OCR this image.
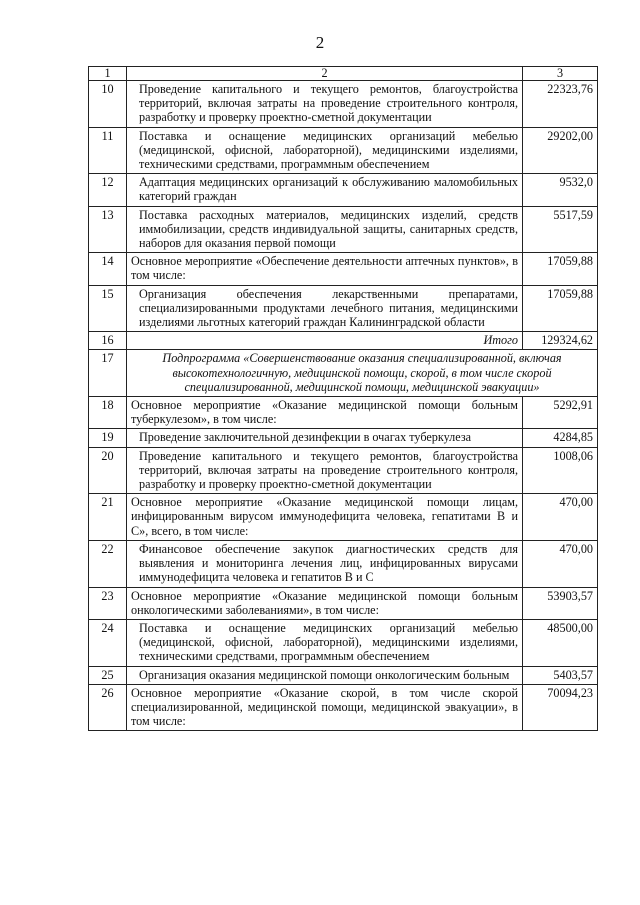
2
1	2	3
10	Проведение капитального и текущего ремонтов, благоустройства территорий, включая затраты на проведение строительного контроля, разработку и проверку проектно-сметной документации	22323,76
11	Поставка и оснащение медицинских организаций мебелью (медицинской, офисной, лабораторной), медицинскими изделиями, техническими средствами, программным обеспечением	29202,00
12	Адаптация медицинских организаций к обслуживанию маломобильных категорий граждан	9532,0
13	Поставка расходных материалов, медицинских изделий, средств иммобилизации, средств индивидуальной защиты, санитарных средств, наборов для оказания первой помощи	5517,59
14	Основное мероприятие «Обеспечение деятельности аптечных пунктов», в том числе:	17059,88
15	Организация обеспечения лекарственными препаратами, специализированными продуктами лечебного питания, медицинскими изделиями льготных категорий граждан Калининградской области	17059,88
16	Итого	129324,62
17	Подпрограмма «Совершенствование оказания специализированной, включая высокотехнологичную, медицинской помощи, скорой, в том числе скорой специализированной, медицинской помощи, медицинской эвакуации»	
18	Основное мероприятие «Оказание медицинской помощи больным туберкулезом», в том числе:	5292,91
19	Проведение заключительной дезинфекции в очагах туберкулеза	4284,85
20	Проведение капитального и текущего ремонтов, благоустройства территорий, включая затраты на проведение строительного контроля, разработку и проверку проектно-сметной документации	1008,06
21	Основное мероприятие «Оказание медицинской помощи лицам, инфицированным вирусом иммунодефицита человека, гепатитами В и С», всего, в том числе:	470,00
22	Финансовое обеспечение закупок диагностических средств для выявления и мониторинга лечения лиц, инфицированных вирусами иммунодефицита человека и гепатитов В и С	470,00
23	Основное мероприятие «Оказание медицинской помощи больным онкологическими заболеваниями», в том числе:	53903,57
24	Поставка и оснащение медицинских организаций мебелью (медицинской, офисной, лабораторной), медицинскими изделиями, техническими средствами, программным обеспечением	48500,00
25	Организация оказания медицинской помощи онкологическим больным	5403,57
26	Основное мероприятие «Оказание скорой, в том числе скорой специализированной, медицинской помощи, медицинской эвакуации», в том числе:	70094,23
